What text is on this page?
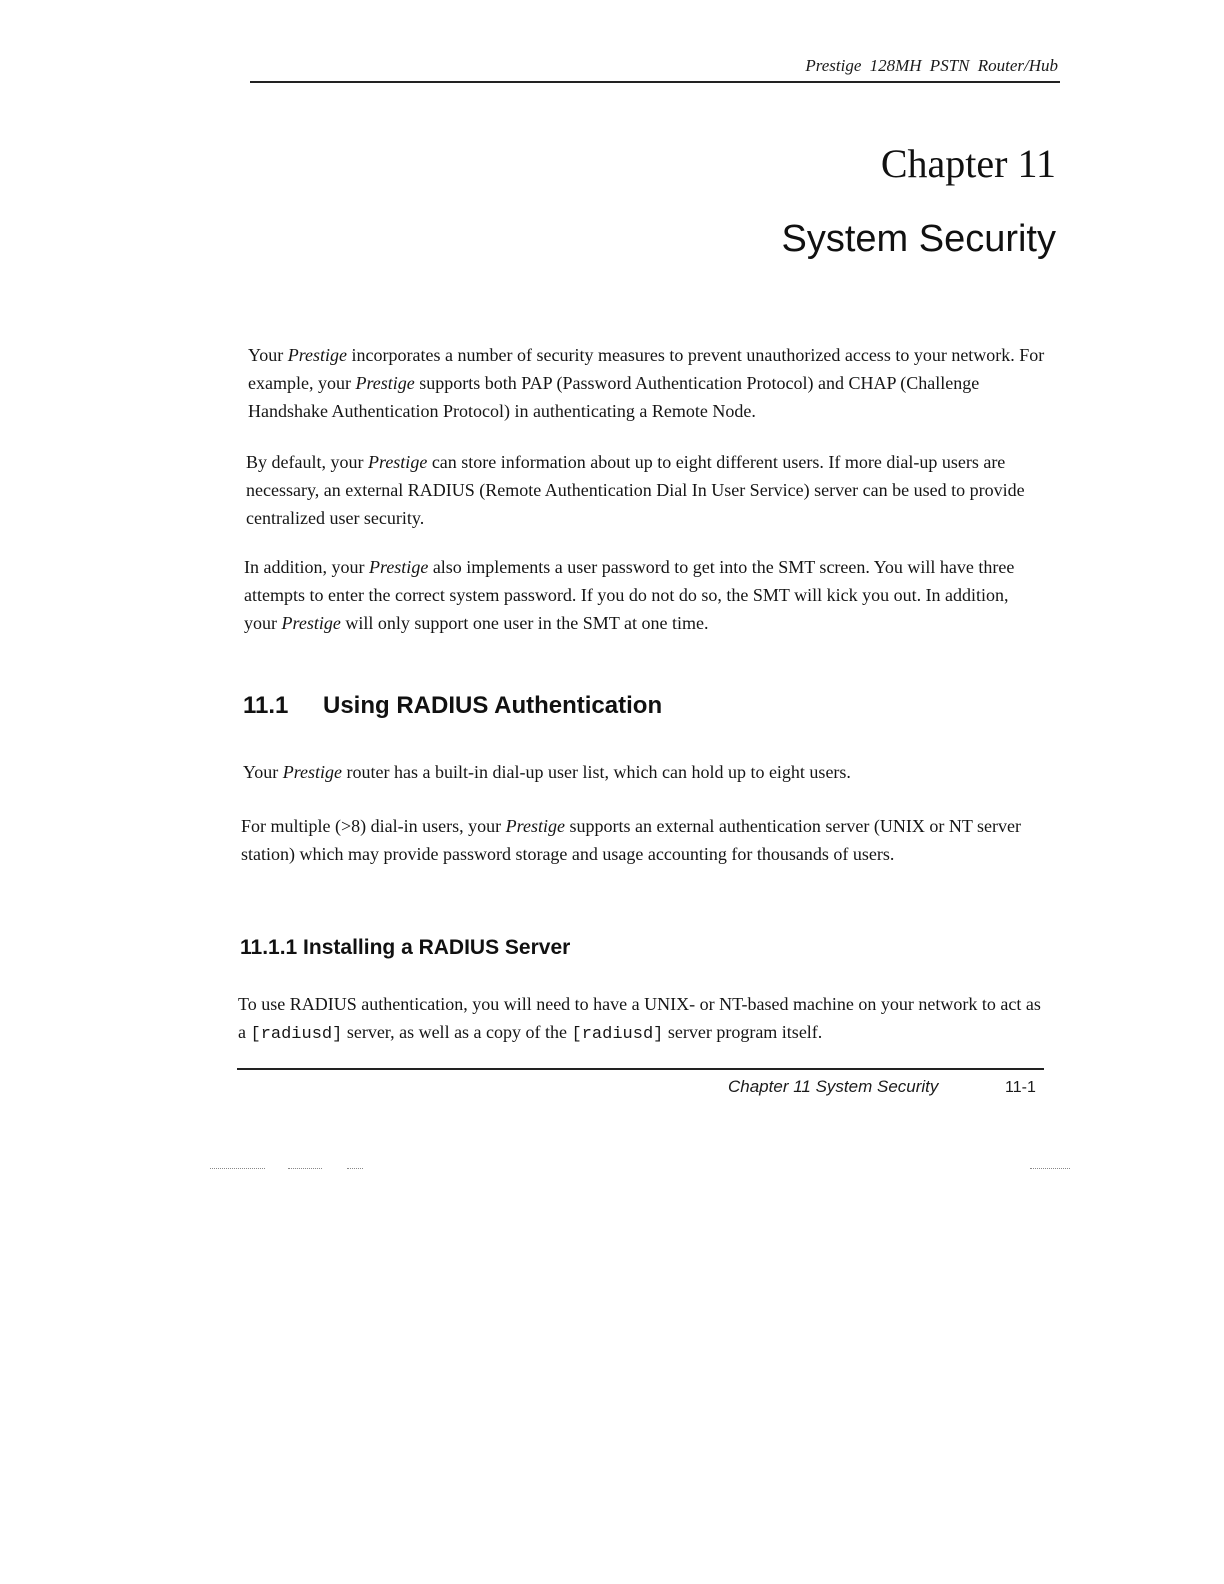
Prestige 128MH PSTN Router/Hub
Chapter 11
System Security

Your Prestige incorporates a number of security measures to prevent unauthorized access to your network. For example, your Prestige supports both PAP (Password Authentication Protocol) and CHAP (Challenge Handshake Authentication Protocol) in authenticating a Remote Node.

By default, your Prestige can store information about up to eight different users. If more dial-up users are necessary, an external RADIUS (Remote Authentication Dial In User Service) server can be used to provide centralized user security.

In addition, your Prestige also implements a user password to get into the SMT screen. You will have three attempts to enter the correct system password. If you do not do so, the SMT will kick you out. In addition, your Prestige will only support one user in the SMT at one time.

11.1 Using RADIUS Authentication

Your Prestige router has a built-in dial-up user list, which can hold up to eight users.

For multiple (>8) dial-in users, your Prestige supports an external authentication server (UNIX or NT server station) which may provide password storage and usage accounting for thousands of users.

11.1.1 Installing a RADIUS Server

To use RADIUS authentication, you will need to have a UNIX- or NT-based machine on your network to act as a [radiusd] server, as well as a copy of the [radiusd] server program itself.

Chapter 11 System Security	11-1
